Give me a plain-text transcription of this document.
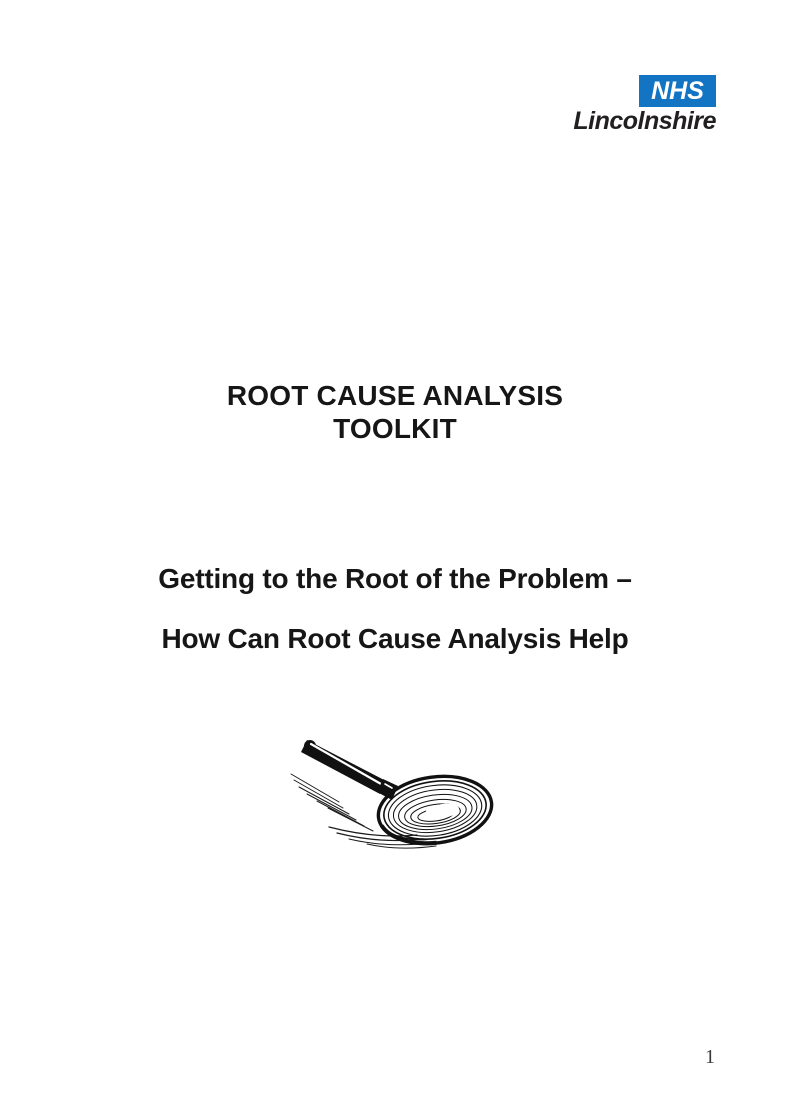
NHS
Lincolnshire
ROOT CAUSE ANALYSIS
TOOLKIT
Getting to the Root of the Problem –
How Can Root Cause Analysis Help
1
